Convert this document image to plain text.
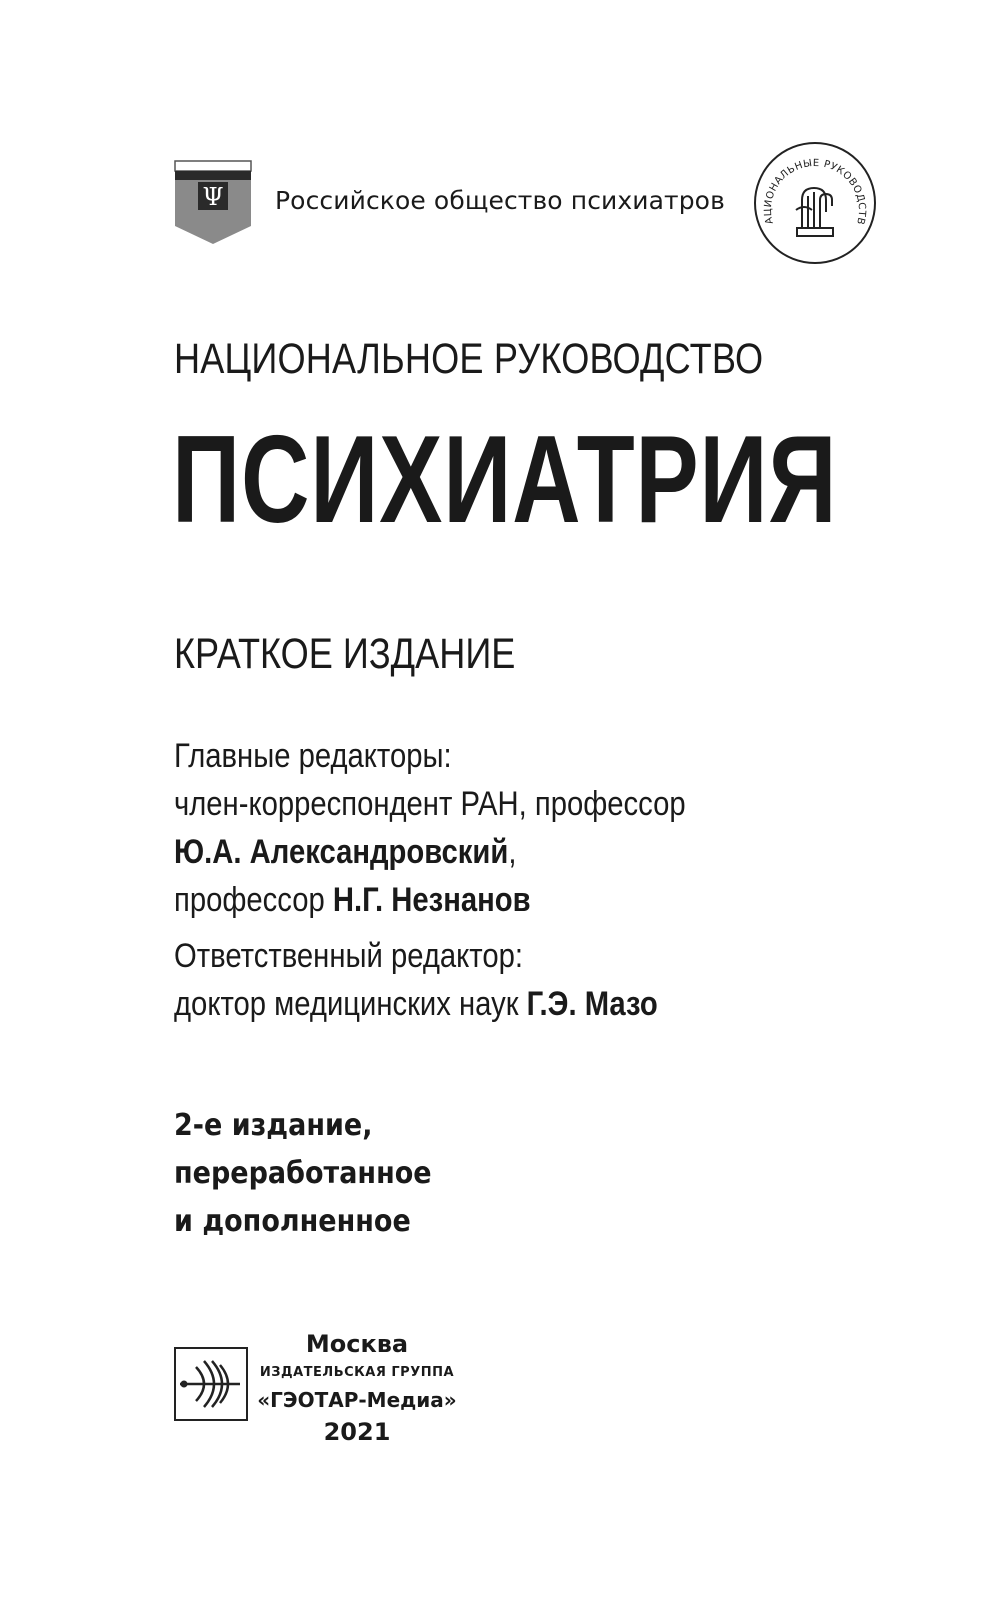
Ψ Российское общество психиатров
АЦИОНАЛЬНЫЕ РУКОВОДСТВ
НАЦИОНАЛЬНОЕ РУКОВОДСТВО
ПСИХИАТРИЯ
КРАТКОЕ ИЗДАНИЕ
Главные редакторы:
член-корреспондент РАН, профессор
Ю.А. Александровский,
профессор Н.Г. Незнанов
Ответственный редактор:
доктор медицинских наук Г.Э. Мазо
2-е издание,
переработанное
и дополненное
Москва
ИЗДАТЕЛЬСКАЯ ГРУППА
«ГЭОТАР-Медиа»
2021
